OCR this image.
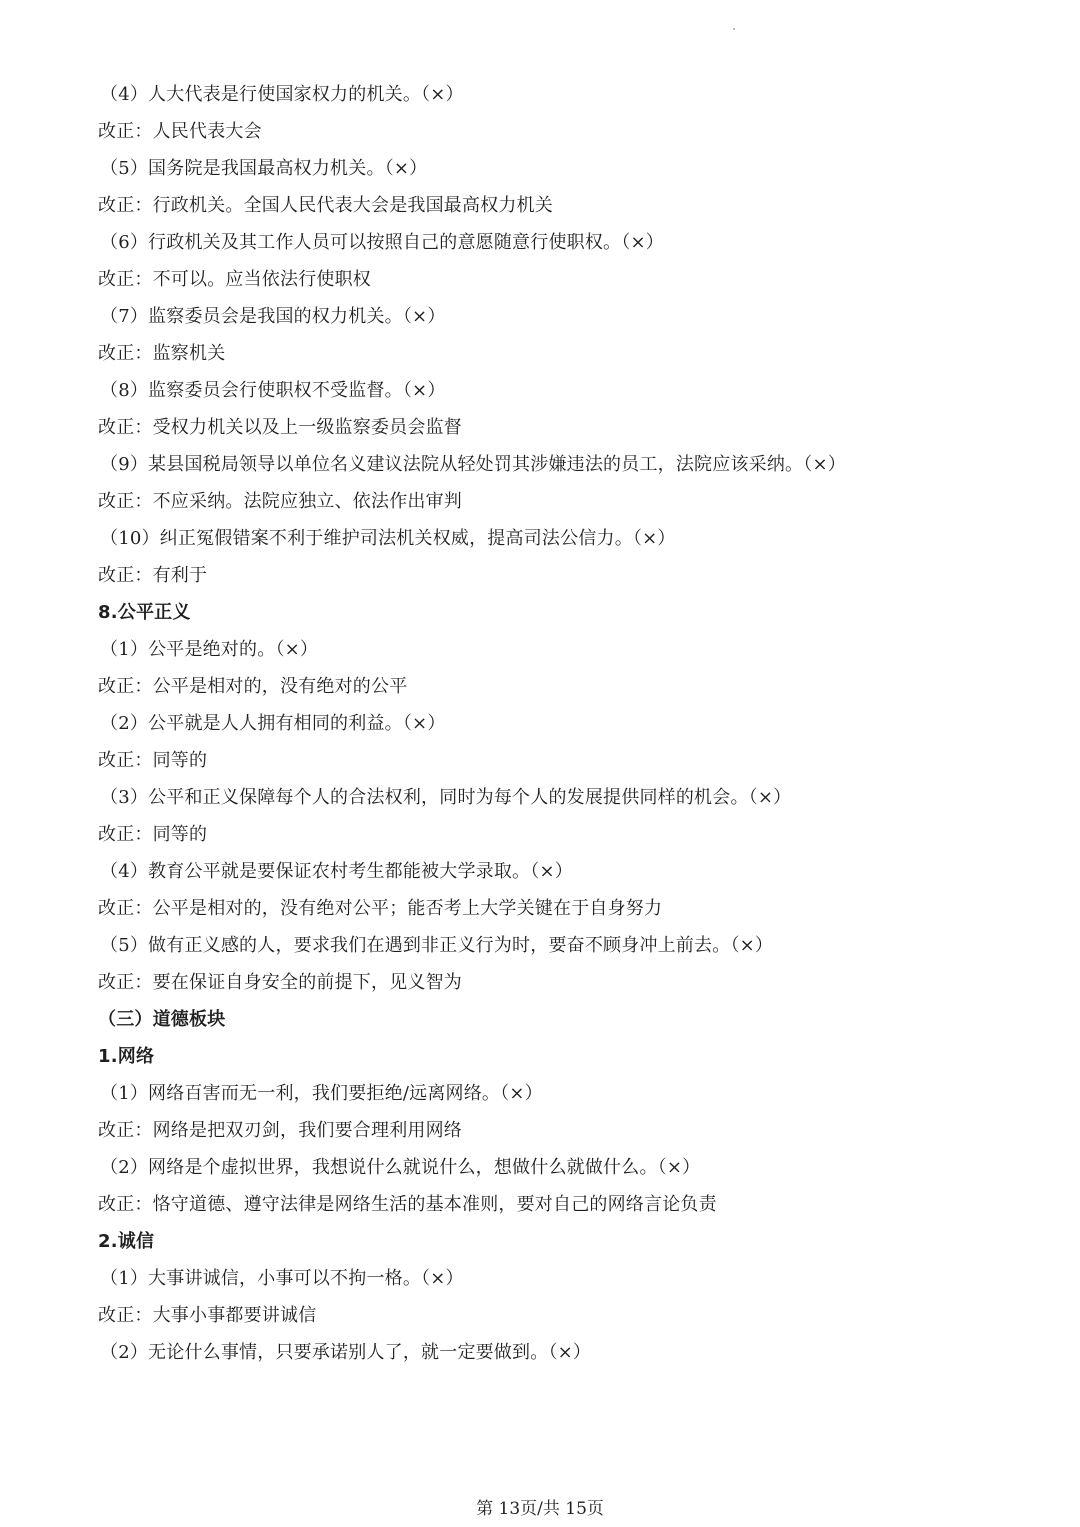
（4）人大代表是行使国家权力的机关。（×）
改正：人民代表大会
（5）国务院是我国最高权力机关。（×）
改正：行政机关。全国人民代表大会是我国最高权力机关
（6）行政机关及其工作人员可以按照自己的意愿随意行使职权。（×）
改正：不可以。应当依法行使职权
（7）监察委员会是我国的权力机关。（×）
改正：监察机关
（8）监察委员会行使职权不受监督。（×）
改正：受权力机关以及上一级监察委员会监督
（9）某县国税局领导以单位名义建议法院从轻处罚其涉嫌违法的员工，法院应该采纳。（×）
改正：不应采纳。法院应独立、依法作出审判
（10）纠正冤假错案不利于维护司法机关权威，提高司法公信力。（×）
改正：有利于
8.公平正义
（1）公平是绝对的。（×）
改正：公平是相对的，没有绝对的公平
（2）公平就是人人拥有相同的利益。（×）
改正：同等的
（3）公平和正义保障每个人的合法权利，同时为每个人的发展提供同样的机会。（×）
改正：同等的
（4）教育公平就是要保证农村考生都能被大学录取。（×）
改正：公平是相对的，没有绝对公平；能否考上大学关键在于自身努力
（5）做有正义感的人，要求我们在遇到非正义行为时，要奋不顾身冲上前去。（×）
改正：要在保证自身安全的前提下，见义智为
（三）道德板块
1.网络
（1）网络百害而无一利，我们要拒绝/远离网络。（×）
改正：网络是把双刃剑，我们要合理利用网络
（2）网络是个虚拟世界，我想说什么就说什么，想做什么就做什么。（×）
改正：恪守道德、遵守法律是网络生活的基本准则，要对自己的网络言论负责
2.诚信
（1）大事讲诚信，小事可以不拘一格。（×）
改正：大事小事都要讲诚信
（2）无论什么事情，只要承诺别人了，就一定要做到。（×）
第 13页/共 15页
